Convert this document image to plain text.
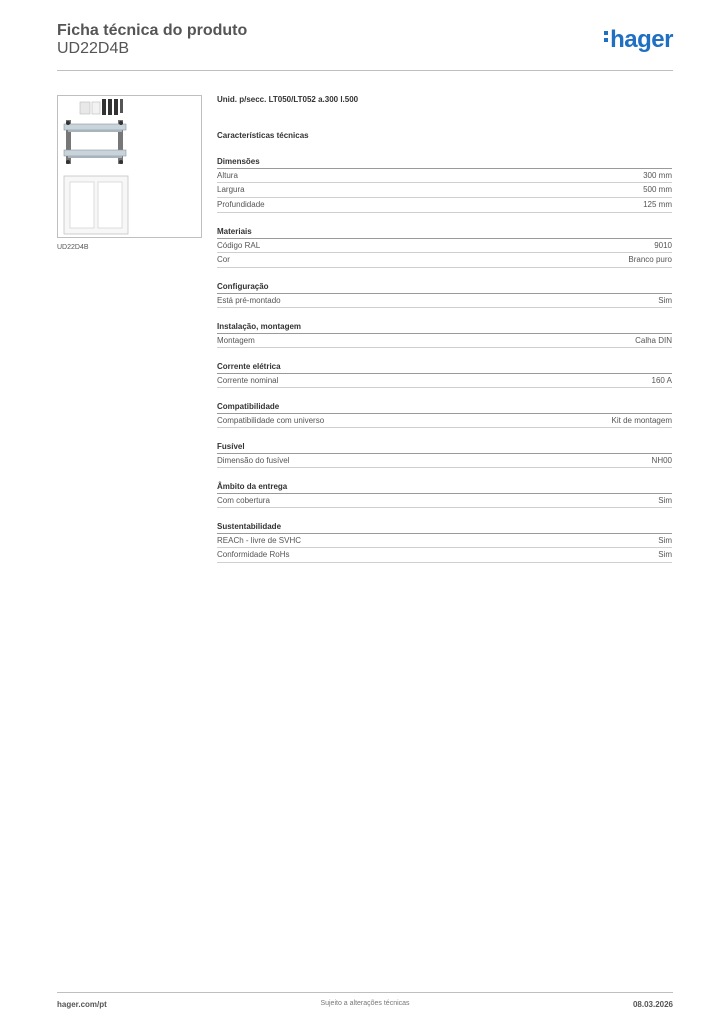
Ficha técnica do produto
UD22D4B	hager
UD22D4B
Unid. p/secc. LT050/LT052 a.300 l.500
Características técnicas
Dimensões
Altura	300 mm
Largura	500 mm
Profundidade	125 mm
Materiais
Código RAL	9010
Cor	Branco puro
Configuração
Está pré-montado	Sim
Instalação, montagem
Montagem	Calha DIN
Corrente elétrica
Corrente nominal	160 A
Compatibilidade
Compatibilidade com universo	Kit de montagem
Fusível
Dimensão do fusível	NH00
Âmbito da entrega
Com cobertura	Sim
Sustentabilidade
REACh - livre de SVHC	Sim
Conformidade RoHs	Sim
hager.com/pt	Sujeito a alterações técnicas	08.03.2026
